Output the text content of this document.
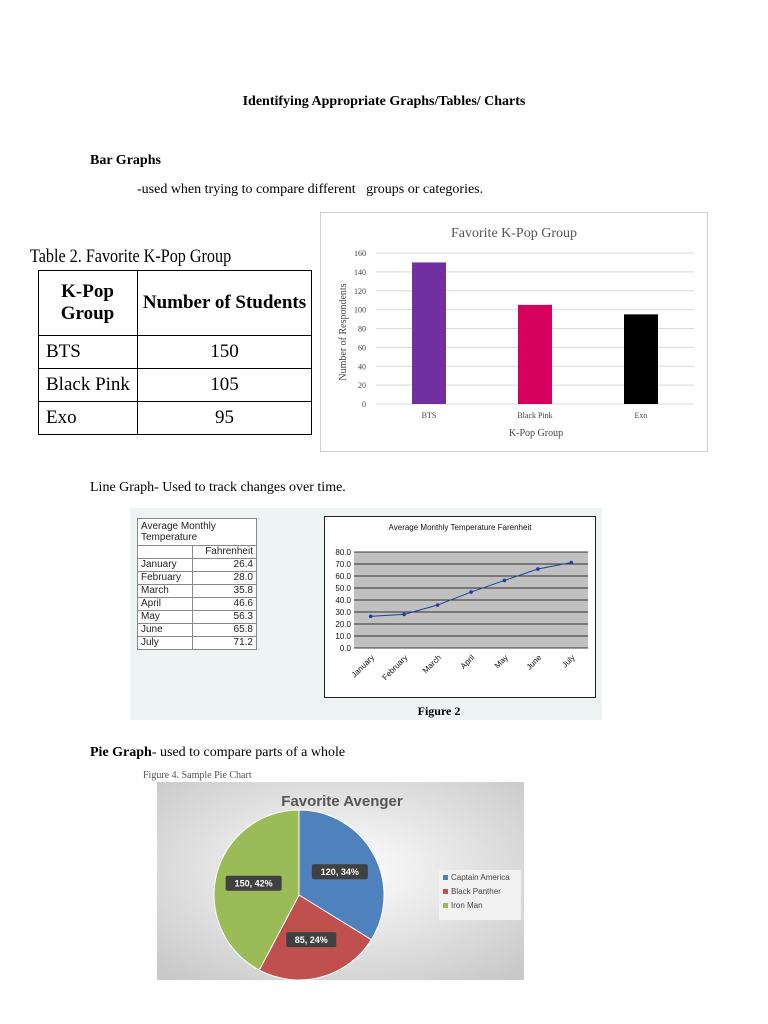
Identifying Appropriate Graphs/Tables/ Charts
Bar Graphs
-used when trying to compare different   groups or categories.
Table 2. Favorite K-Pop Group
K-Pop Group	Number of Students
BTS	150
Black Pink	105
Exo	95
Favorite K-Pop Group
Number of Respondents
K-Pop Group
0
20
40
60
80
100
120
140
160
BTS	Black Pink	Exo
Line Graph- Used to track changes over time.
Average Monthly Temperature	
	Fahrenheit
January	26.4
February	28.0
March	35.8
April	46.6
May	56.3
June	65.8
July	71.2
Average Monthly Temperature Farenheit
0.0
10.0
20.0
30.0
40.0
50.0
60.0
70.0
80.0
January February March April May June July
Figure 2
Pie Graph- used to compare parts of a whole
Figure 4. Sample Pie Chart
Favorite Avenger
120, 34%
85, 24%
150, 42%
Captain America
Black Panther
Iron Man
